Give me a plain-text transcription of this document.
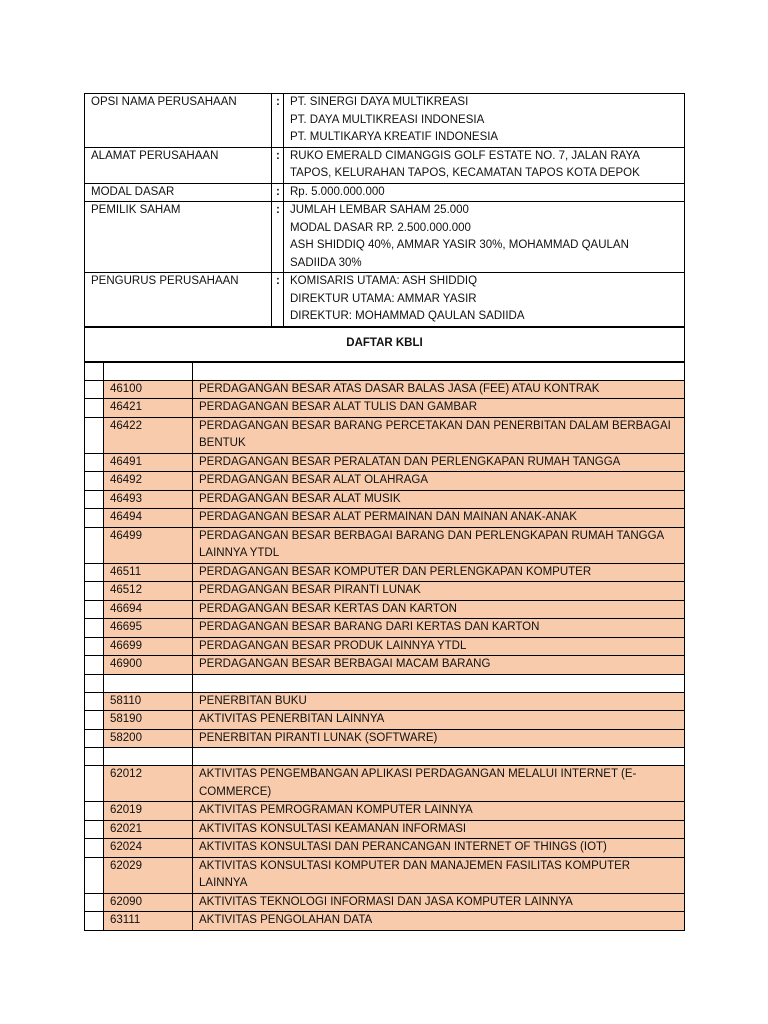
OPSI NAMA PERUSAHAAN	:	PT. SINERGI DAYA MULTIKREASI
PT. DAYA MULTIKREASI INDONESIA
PT. MULTIKARYA KREATIF INDONESIA

ALAMAT PERUSAHAAN	:	RUKO EMERALD CIMANGGIS GOLF ESTATE NO. 7, JALAN RAYA
TAPOS, KELURAHAN TAPOS, KECAMATAN TAPOS KOTA DEPOK

MODAL DASAR	:	Rp. 5.000.000.000

PEMILIK SAHAM	:	JUMLAH LEMBAR SAHAM 25.000
MODAL DASAR RP. 2.500.000.000
ASH SHIDDIQ 40%, AMMAR YASIR 30%, MOHAMMAD QAULAN
SADIIDA 30%

PENGURUS PERUSAHAAN	:	KOMISARIS UTAMA: ASH SHIDDIQ
DIREKTUR UTAMA: AMMAR YASIR
DIREKTUR: MOHAMMAD QAULAN SADIIDA
DAFTAR KBLI

	46100	PERDAGANGAN BESAR ATAS DASAR BALAS JASA (FEE) ATAU KONTRAK
	46421	PERDAGANGAN BESAR ALAT TULIS DAN GAMBAR
	46422	PERDAGANGAN BESAR BARANG PERCETAKAN DAN PENERBITAN DALAM BERBAGAI BENTUK
	46491	PERDAGANGAN BESAR PERALATAN DAN PERLENGKAPAN RUMAH TANGGA
	46492	PERDAGANGAN BESAR ALAT OLAHRAGA
	46493	PERDAGANGAN BESAR ALAT MUSIK
	46494	PERDAGANGAN BESAR ALAT PERMAINAN DAN MAINAN ANAK-ANAK
	46499	PERDAGANGAN BESAR BERBAGAI BARANG DAN PERLENGKAPAN RUMAH TANGGA LAINNYA YTDL
	46511	PERDAGANGAN BESAR KOMPUTER DAN PERLENGKAPAN KOMPUTER
	46512	PERDAGANGAN BESAR PIRANTI LUNAK
	46694	PERDAGANGAN BESAR KERTAS DAN KARTON
	46695	PERDAGANGAN BESAR BARANG DARI KERTAS DAN KARTON
	46699	PERDAGANGAN BESAR PRODUK LAINNYA YTDL
	46900	PERDAGANGAN BESAR BERBAGAI MACAM BARANG

	58110	PENERBITAN BUKU
	58190	AKTIVITAS PENERBITAN LAINNYA
	58200	PENERBITAN PIRANTI LUNAK (SOFTWARE)

	62012	AKTIVITAS PENGEMBANGAN APLIKASI PERDAGANGAN MELALUI INTERNET (E-COMMERCE)
	62019	AKTIVITAS PEMROGRAMAN KOMPUTER LAINNYA
	62021	AKTIVITAS KONSULTASI KEAMANAN INFORMASI
	62024	AKTIVITAS KONSULTASI DAN PERANCANGAN INTERNET OF THINGS (IOT)
	62029	AKTIVITAS KONSULTASI KOMPUTER DAN MANAJEMEN FASILITAS KOMPUTER LAINNYA
	62090	AKTIVITAS TEKNOLOGI INFORMASI DAN JASA KOMPUTER LAINNYA
	63111	AKTIVITAS PENGOLAHAN DATA
